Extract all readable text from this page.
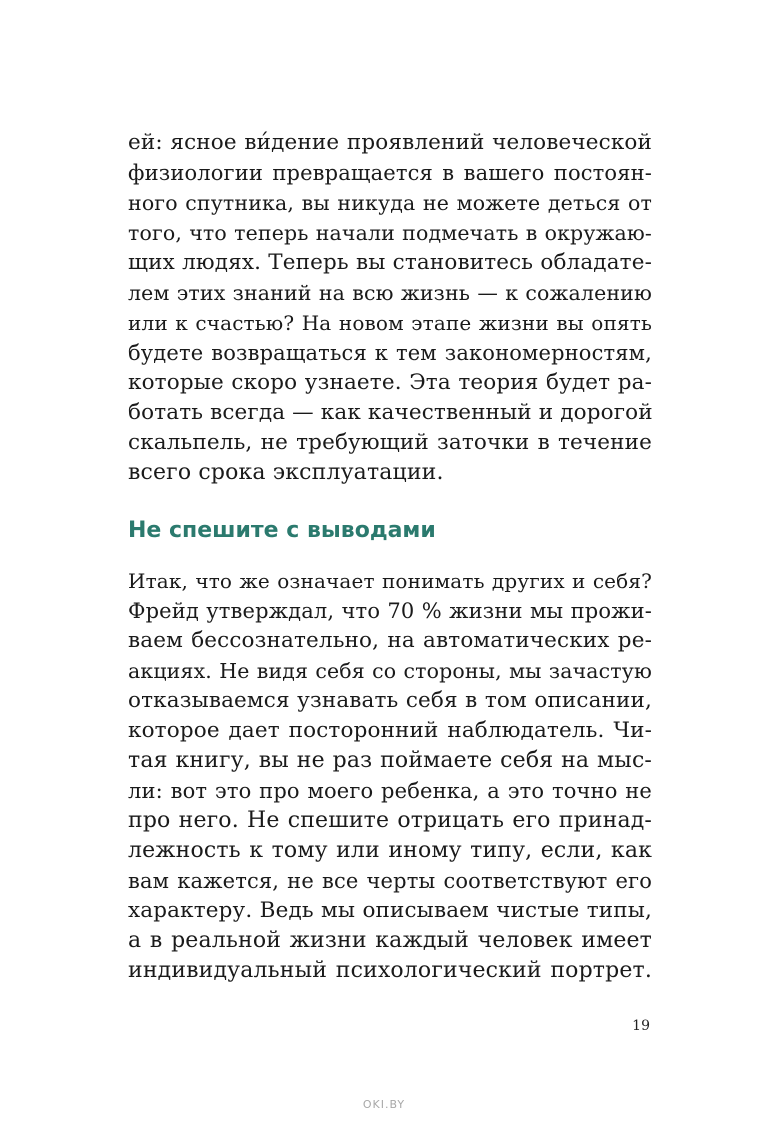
ей: ясное ви́дение проявлений человеческой
физиологии превращается в вашего постоян-
ного спутника, вы никуда не можете деться от
того, что теперь начали подмечать в окружаю-
щих людях. Теперь вы становитесь обладате-
лем этих знаний на всю жизнь — к сожалению
или к счастью? На новом этапе жизни вы опять
будете возвращаться к тем закономерностям,
которые скоро узнаете. Эта теория будет ра-
ботать всегда — как качественный и дорогой
скальпель, не требующий заточки в течение
всего срока эксплуатации.
Не спешите с выводами
Итак, что же означает понимать других и себя?
Фрейд утверждал, что 70 % жизни мы прожи-
ваем бессознательно, на автоматических ре-
акциях. Не видя себя со стороны, мы зачастую
отказываемся узнавать себя в том описании,
которое дает посторонний наблюдатель. Чи-
тая книгу, вы не раз поймаете себя на мыс-
ли: вот это про моего ребенка, а это точно не
про него. Не спешите отрицать его принад-
лежность к тому или иному типу, если, как
вам кажется, не все черты соответствуют его
характеру. Ведь мы описываем чистые типы,
а в реальной жизни каждый человек имеет
индивидуальный психологический портрет.
19
OKI.BY
